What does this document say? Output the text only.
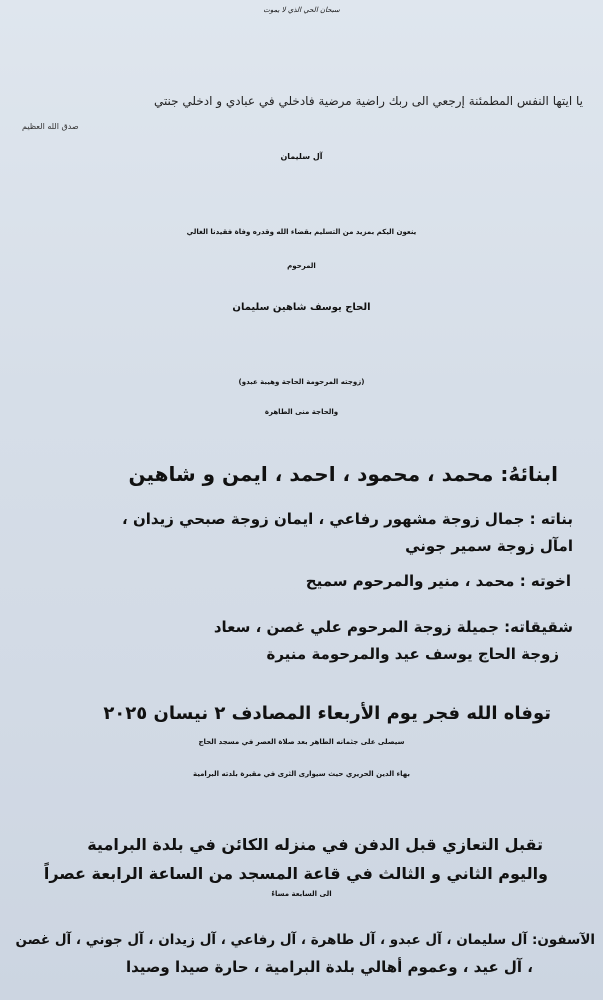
سبحان الحي الذي لا يموت
يا ايتها النفس المطمئنة إرجعي الى ربك راضية مرضية فادخلي في عبادي و ادخلي جنتي
صدق الله العظيم
آل سليمان
ينعون اليكم بمزيد من التسليم بقضاء الله وقدره وفاة فقيدنا الغالي
المرحوم
الحاج يوسف شاهين سليمان
(زوجته المرحومة الحاجة وهيبة عبدو)
والحاجة منى الطاهرة
ابنائهُ: محمد ، محمود ، احمد ، ايمن و شاهين
بناته : جمال زوجة مشهور رفاعي ، ايمان زوجة صبحي زيدان ،
امآل زوجة سمير جوني
اخوته : محمد ، منير والمرحوم سميح
شقيقاته: جميلة زوجة المرحوم علي غصن ، سعاد
زوجة الحاج يوسف عيد والمرحومة منيرة
توفاه الله فجر يوم الأربعاء المصادف ٢ نيسان ٢٠٢٥
سيصلى على جثمانه الطاهر بعد صلاة العصر في مسجد الحاج
بهاء الدين الحريري حيث سيوارى الثرى في مقبرة بلدته البرامية
تقبل التعازي قبل الدفن في منزله الكائن في بلدة البرامية
واليوم الثاني و الثالث في قاعة المسجد من الساعة الرابعة عصراً
الى السابعة مساءً
الآسفون: آل سليمان ، آل عبدو ، آل طاهرة ، آل رفاعي ، آل زيدان ، آل جوني ، آل غصن
، آل عيد ، وعموم أهالي بلدة البرامية ، حارة صيدا وصيدا
